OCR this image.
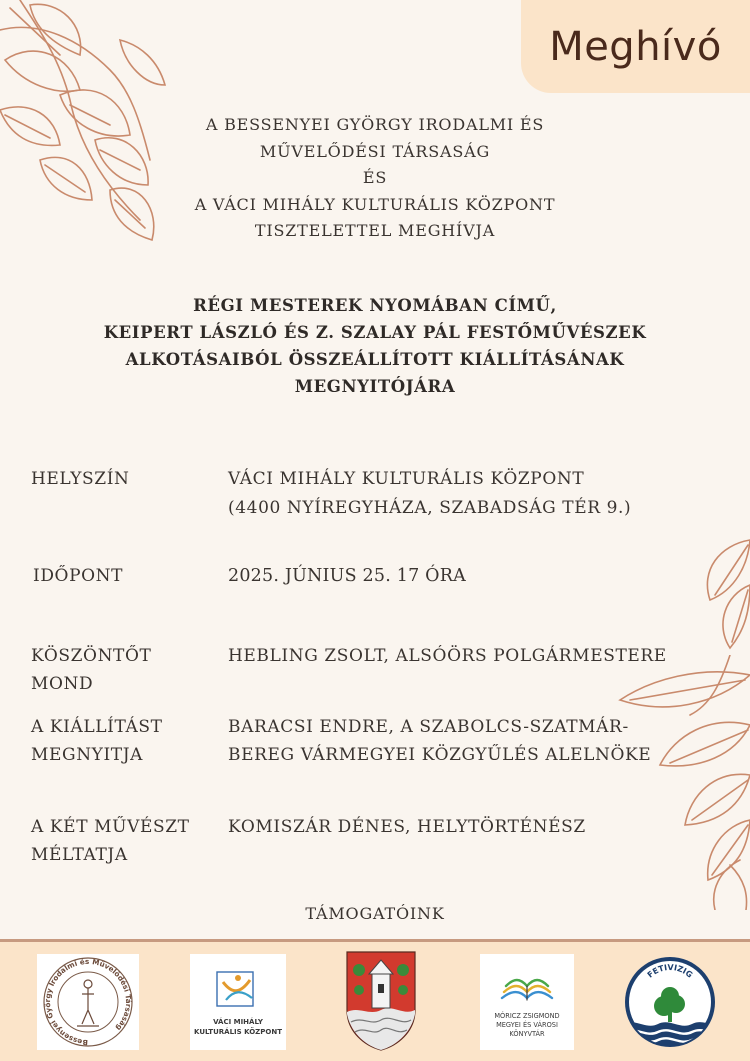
Meghívó
A BESSENYEI GYÖRGY IRODALMI ÉS
MŰVELŐDÉSI TÁRSASÁG
ÉS
A VÁCI MIHÁLY KULTURÁLIS KÖZPONT
TISZTELETTEL MEGHÍVJA
RÉGI MESTEREK NYOMÁBAN CÍMŰ,
KEIPERT LÁSZLÓ ÉS Z. SZALAY PÁL FESTŐMŰVÉSZEK
ALKOTÁSAIBÓL ÖSSZEÁLLÍTOTT KIÁLLÍTÁSÁNAK
MEGNYITÓJÁRA
HELYSZÍN	VÁCI MIHÁLY KULTURÁLIS KÖZPONT
(4400 NYÍREGYHÁZA, SZABADSÁG TÉR 9.)
IDŐPONT	2025. JÚNIUS 25. 17 ÓRA
KÖSZÖNTŐT
MOND
HEBLING ZSOLT, ALSÓÖRS POLGÁRMESTERE
A KIÁLLÍTÁST
MEGNYITJA
BARACSI ENDRE, A SZABOLCS-SZATMÁR-
BEREG VÁRMEGYEI KÖZGYŰLÉS ALELNÖKE
A KÉT MŰVÉSZT
MÉLTATJA
KOMISZÁR DÉNES, HELYTÖRTÉNÉSZ
TÁMOGATÓINK
Bessenyei György Irodalmi és Művelődési Társaság
VÁCI MIHÁLY
KULTURÁLIS KÖZPONT
MÓRICZ ZSIGMOND
MEGYEI ÉS VÁROSI
KÖNYVTÁR
FETIVIZIG
